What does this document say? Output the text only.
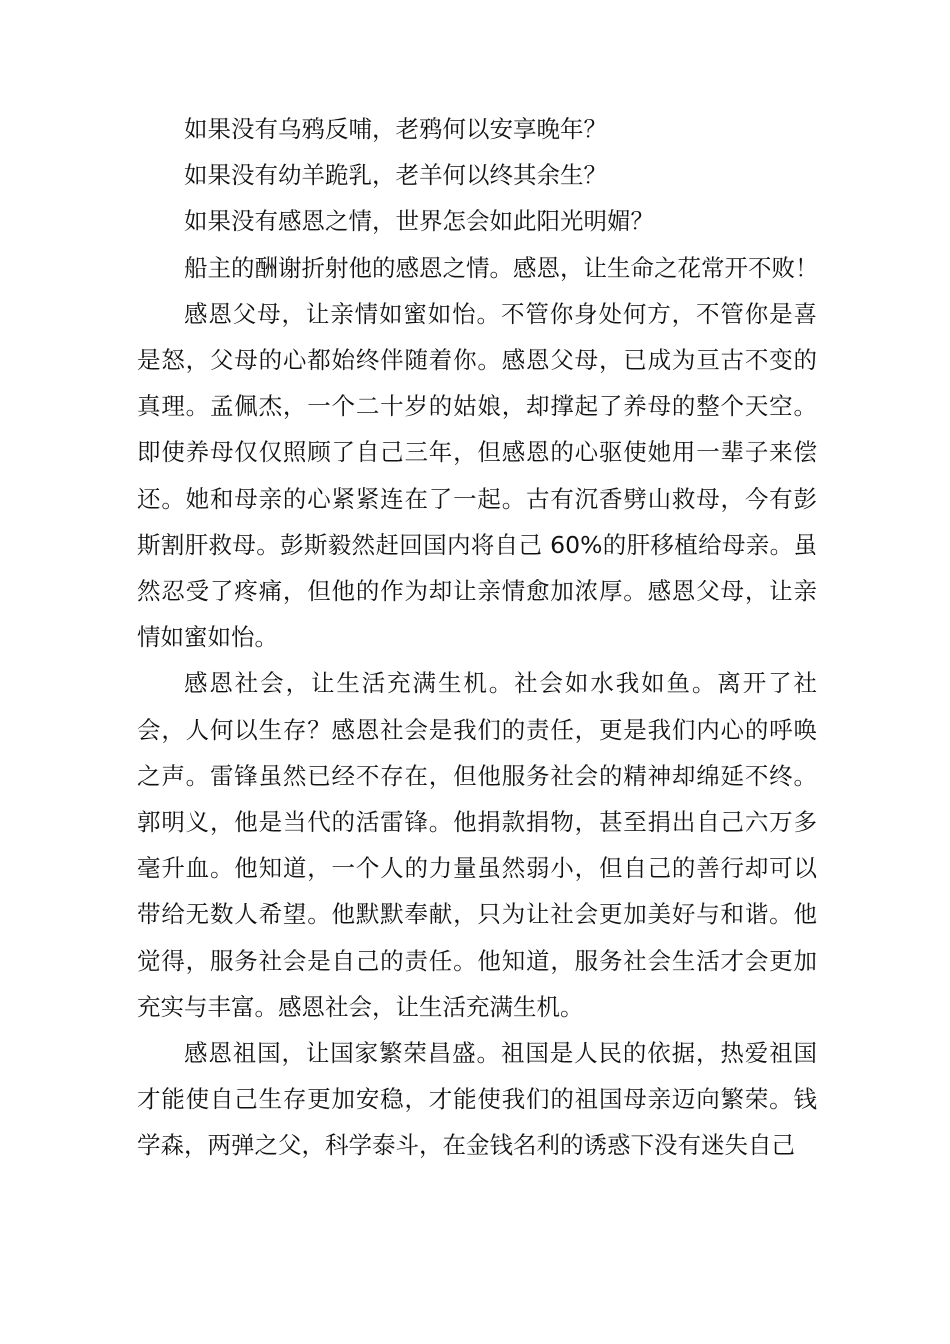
如果没有乌鸦反哺，老鸦何以安享晚年？

如果没有幼羊跪乳，老羊何以终其余生？

如果没有感恩之情，世界怎会如此阳光明媚？

船主的酬谢折射他的感恩之情。感恩，让生命之花常开不败！

感恩父母，让亲情如蜜如怡。不管你身处何方，不管你是喜是怒，父母的心都始终伴随着你。感恩父母，已成为亘古不变的真理。孟佩杰，一个二十岁的姑娘，却撑起了养母的整个天空。即使养母仅仅照顾了自己三年，但感恩的心驱使她用一辈子来偿还。她和母亲的心紧紧连在了一起。古有沉香劈山救母，今有彭斯割肝救母。彭斯毅然赶回国内将自己 60%的肝移植给母亲。虽然忍受了疼痛，但他的作为却让亲情愈加浓厚。感恩父母，让亲情如蜜如怡。

感恩社会，让生活充满生机。社会如水我如鱼。离开了社会，人何以生存？感恩社会是我们的责任，更是我们内心的呼唤之声。雷锋虽然已经不存在，但他服务社会的精神却绵延不终。郭明义，他是当代的活雷锋。他捐款捐物，甚至捐出自己六万多毫升血。他知道，一个人的力量虽然弱小，但自己的善行却可以带给无数人希望。他默默奉献，只为让社会更加美好与和谐。他觉得，服务社会是自己的责任。他知道，服务社会生活才会更加充实与丰富。感恩社会，让生活充满生机。

感恩祖国，让国家繁荣昌盛。祖国是人民的依据，热爱祖国才能使自己生存更加安稳，才能使我们的祖国母亲迈向繁荣。钱学森，两弹之父，科学泰斗，在金钱名利的诱惑下没有迷失自己
